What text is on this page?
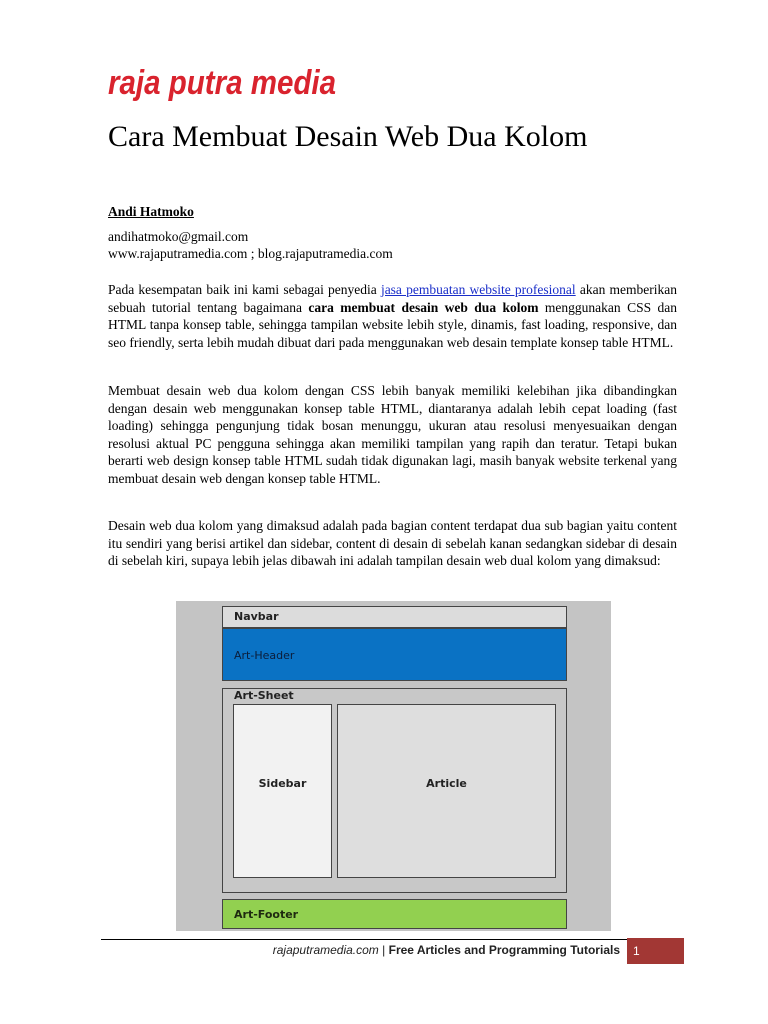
raja putra media
Cara Membuat Desain Web Dua Kolom
Andi Hatmoko
andihatmoko@gmail.com
www.rajaputramedia.com ; blog.rajaputramedia.com

Pada kesempatan baik ini kami sebagai penyedia jasa pembuatan website profesional akan memberikan sebuah tutorial tentang bagaimana cara membuat desain web dua kolom menggunakan CSS dan HTML tanpa konsep table, sehingga tampilan website lebih style, dinamis, fast loading, responsive, dan seo friendly, serta lebih mudah dibuat dari pada menggunakan web desain template konsep table HTML.

Membuat desain web dua kolom dengan CSS lebih banyak memiliki kelebihan jika dibandingkan dengan desain web menggunakan konsep table HTML, diantaranya adalah lebih cepat loading (fast loading) sehingga pengunjung tidak bosan menunggu, ukuran atau resolusi menyesuaikan dengan resolusi aktual PC pengguna sehingga akan memiliki tampilan yang rapih dan teratur. Tetapi bukan berarti web design konsep table HTML sudah tidak digunakan lagi, masih banyak website terkenal yang membuat desain web dengan konsep table HTML.

Desain web dua kolom yang dimaksud adalah pada bagian content terdapat dua sub bagian yaitu content itu sendiri yang berisi artikel dan sidebar, content di desain di sebelah kanan sedangkan sidebar di desain di sebelah kiri, supaya lebih jelas dibawah ini adalah tampilan desain web dual kolom yang dimaksud:

Navbar
Art-Header
Art-Sheet
Sidebar	Article
Art-Footer
rajaputramedia.com | Free Articles and Programming Tutorials	1
